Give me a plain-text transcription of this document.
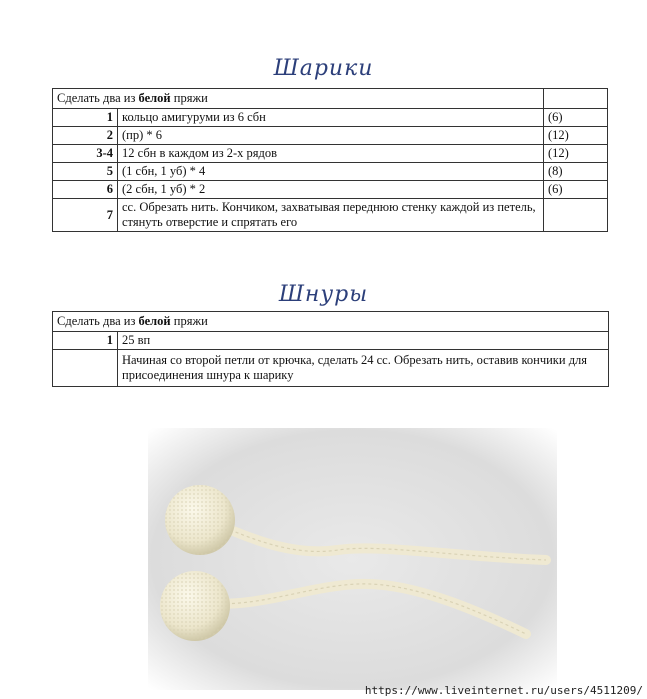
Шарики
Сделать два из белой пряжи		
1	кольцо амигуруми из 6 сбн	(6)
2	(пр) * 6	(12)
3-4	12 сбн в каждом из 2-х рядов	(12)
5	(1 сбн, 1 уб) * 4	(8)
6	(2 сбн, 1 уб) * 2	(6)
7	сс. Обрезать нить. Кончиком, захватывая переднюю стенку каждой из петель, стянуть отверстие и спрятать его	
Шнуры
Сделать два из белой пряжи	
1	25 вп
	Начиная со второй петли от крючка, сделать 24 сс. Обрезать нить, оставив кончики для присоединения шнура к шарику
https://www.liveinternet.ru/users/4511209/
